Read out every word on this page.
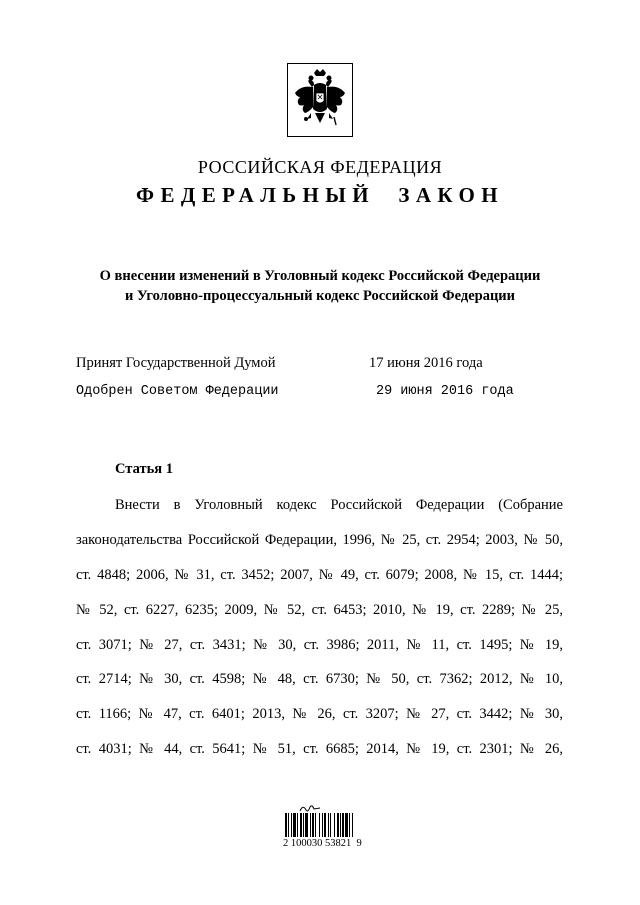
РОССИЙСКАЯ ФЕДЕРАЦИЯ
ФЕДЕРАЛЬНЫЙ  ЗАКОН
О внесении изменений в Уголовный кодекс Российской Федерации
и Уголовно-процессуальный кодекс Российской Федерации
Принят Государственной Думой	17 июня 2016 года
Одобрен Советом Федерации	29 июня 2016 года
Статья 1
Внести в Уголовный кодекс Российской Федерации (Собрание
законодательства Российской Федерации, 1996, № 25, ст. 2954; 2003, № 50,
ст. 4848; 2006, № 31, ст. 3452; 2007, № 49, ст. 6079; 2008, № 15, ст. 1444;
№ 52, ст. 6227, 6235; 2009, № 52, ст. 6453; 2010, № 19, ст. 2289; № 25,
ст. 3071; № 27, ст. 3431; № 30, ст. 3986; 2011, № 11, ст. 1495; № 19,
ст. 2714; № 30, ст. 4598; № 48, ст. 6730; № 50, ст. 7362; 2012, № 10,
ст. 1166; № 47, ст. 6401; 2013, № 26, ст. 3207; № 27, ст. 3442; № 30,
ст. 4031; № 44, ст. 5641; № 51, ст. 6685; 2014, № 19, ст. 2301; № 26,
2 100030 53821  9
